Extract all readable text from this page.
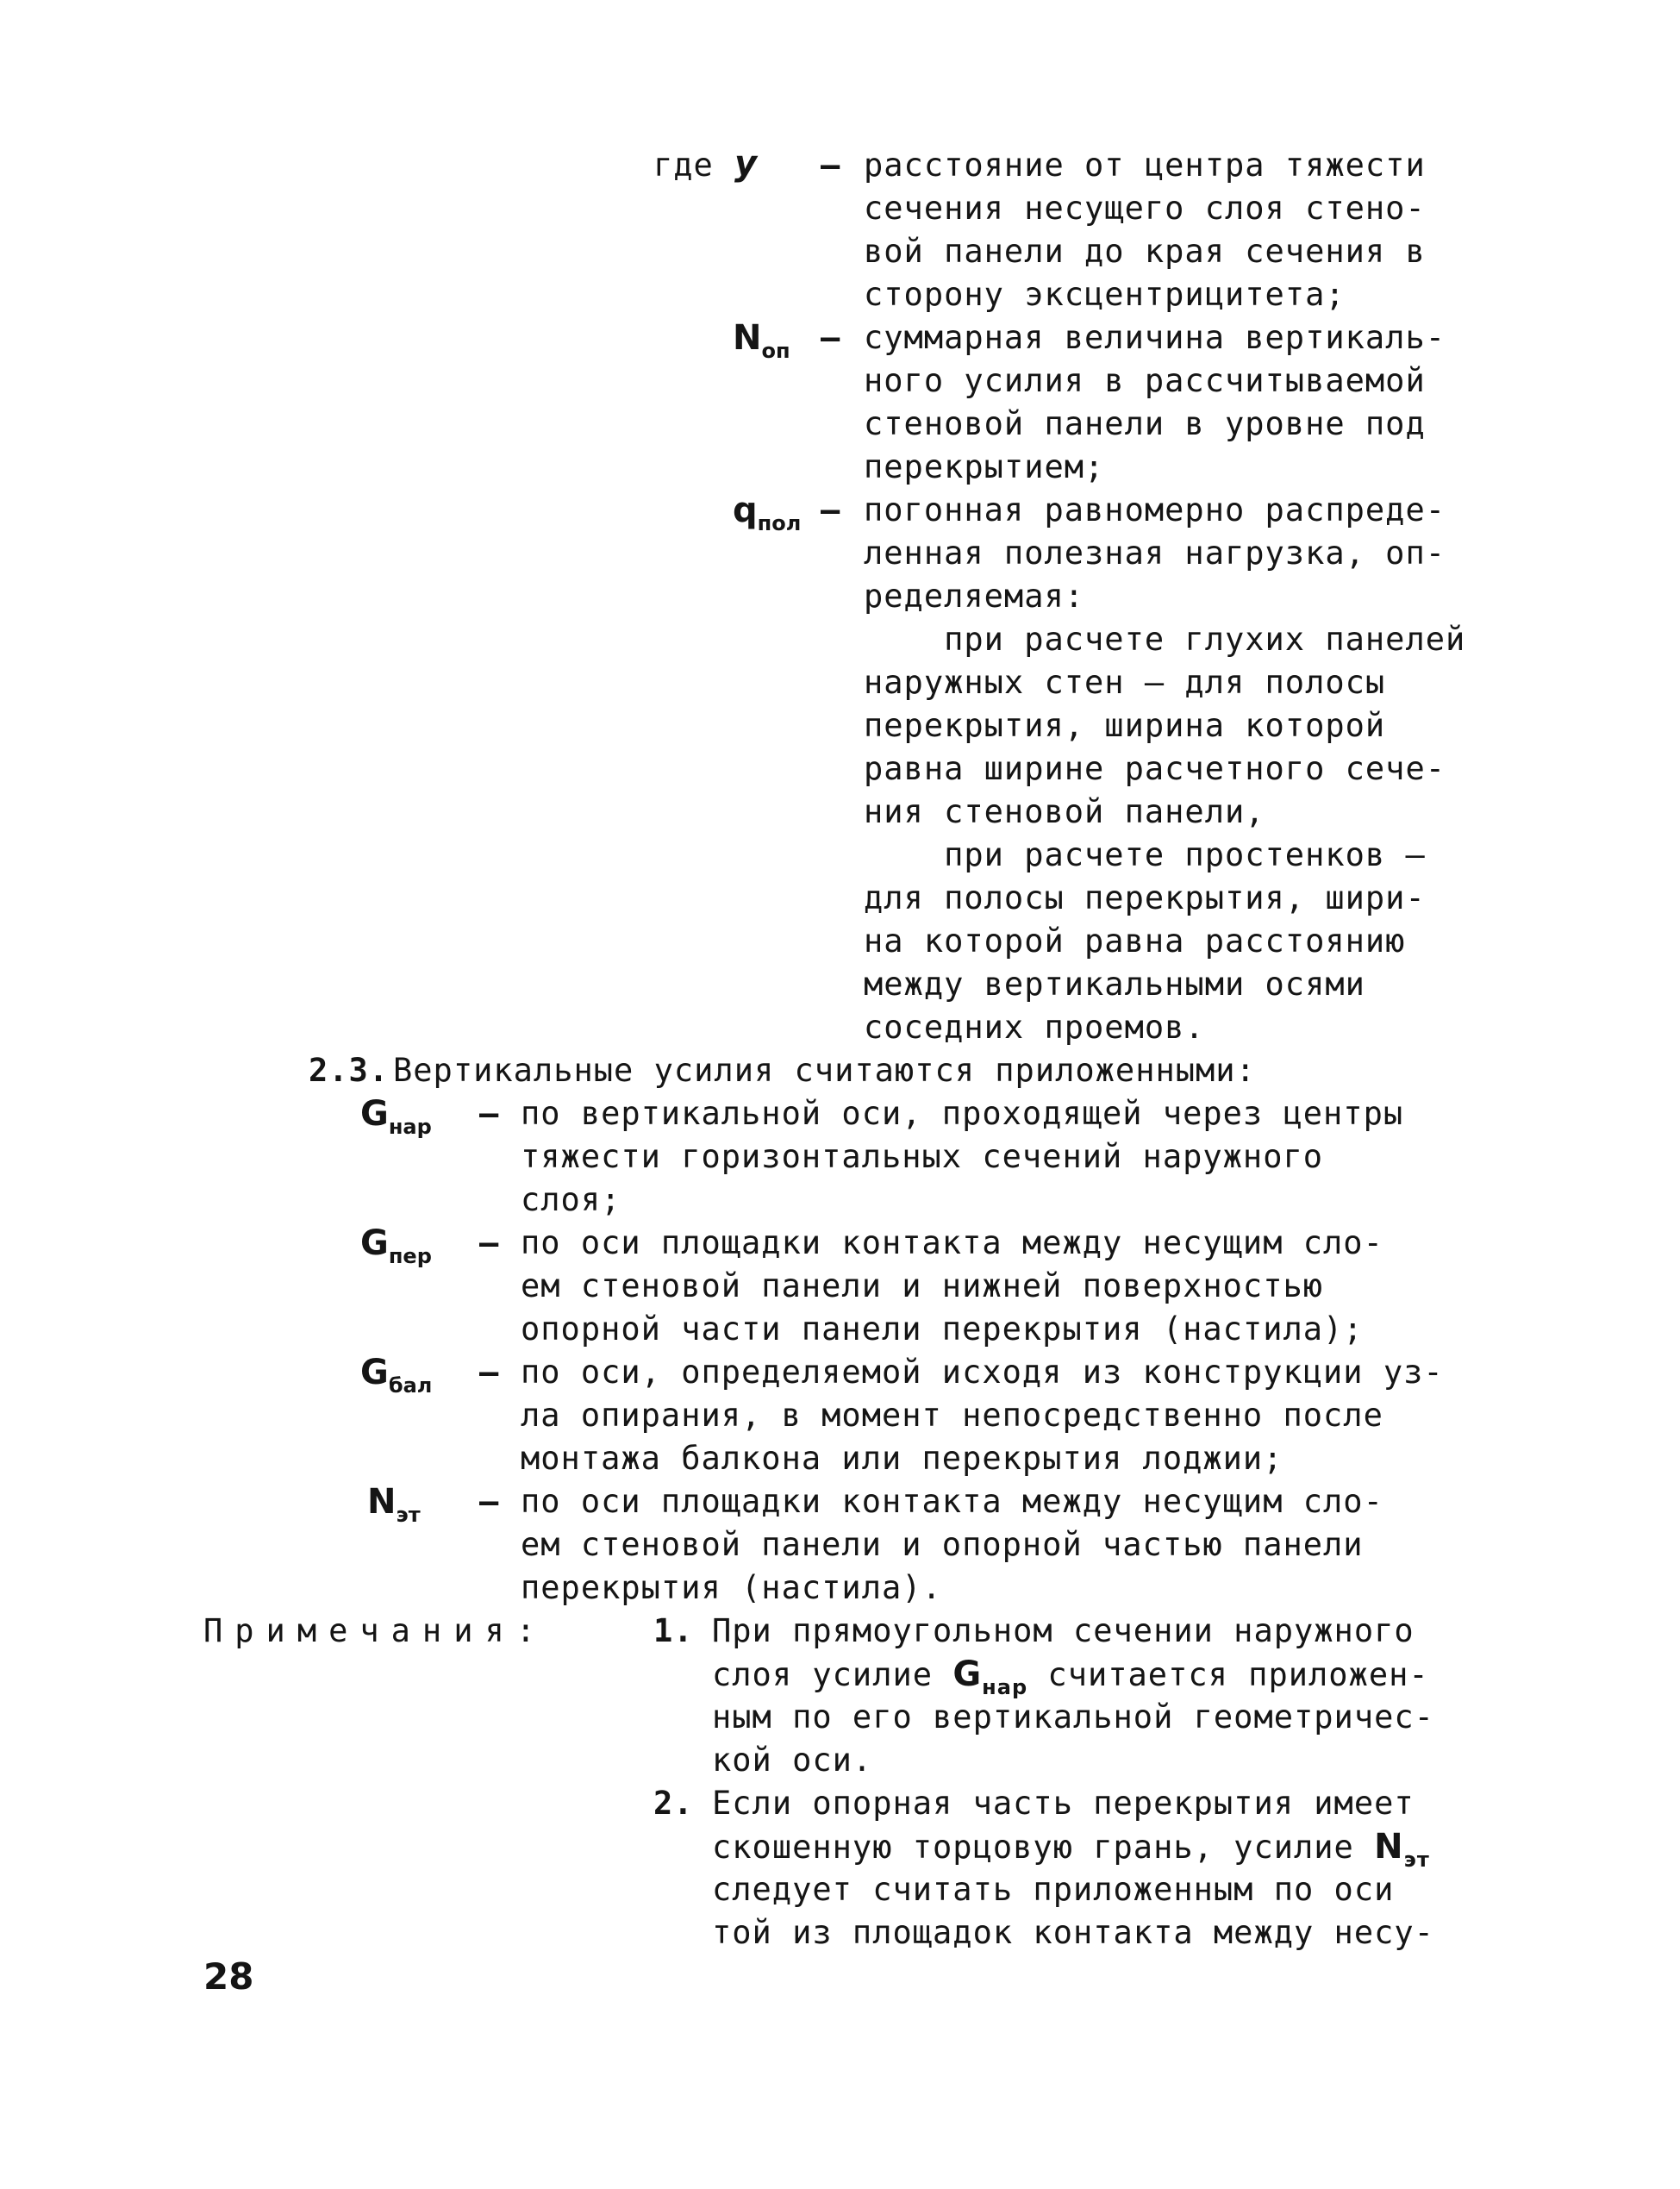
где y – расстояние от центра тяжести
сечения несущего слоя стено-
вой панели до края сечения в
сторону эксцентрицитета;
$N_{оп}$ – суммарная величина вертикаль-
ного усилия в рассчитываемой
стеновой панели в уровне под
перекрытием;
$q_{пол}$ – погонная равномерно распреде-
ленная полезная нагрузка, оп-
ределяемая:
при расчете глухих панелей
наружных стен – для полосы
перекрытия, ширина которой
равна ширине расчетного сече-
ния стеновой панели,
при расчете простенков –
для полосы перекрытия, шири-
на которой равна расстоянию
между вертикальными осями
соседних проемов.
2.3. Вертикальные усилия считаются приложенными:
$G_{нар}$ – по вертикальной оси, проходящей через центры
тяжести горизонтальных сечений наружного
слоя;
$G_{пер}$ – по оси площадки контакта между несущим сло-
ем стеновой панели и нижней поверхностью
опорной части панели перекрытия (настила);
$G_{бал}$ – по оси, определяемой исходя из конструкции уз-
ла опирания, в момент непосредственно после
монтажа балкона или перекрытия лоджии;
$N_{эт}$ – по оси площадки контакта между несущим сло-
ем стеновой панели и опорной частью панели
перекрытия (настила).
Примечания:	1. При прямоугольном сечении наружного
слоя усилие $G_{нар}$ считается приложен-
ным по его вертикальной геометричес-
кой оси.
2. Если опорная часть перекрытия имеет
скошенную торцовую грань, усилие $N_{эт}$
следует считать приложенным по оси
той из площадок контакта между несу-
28
